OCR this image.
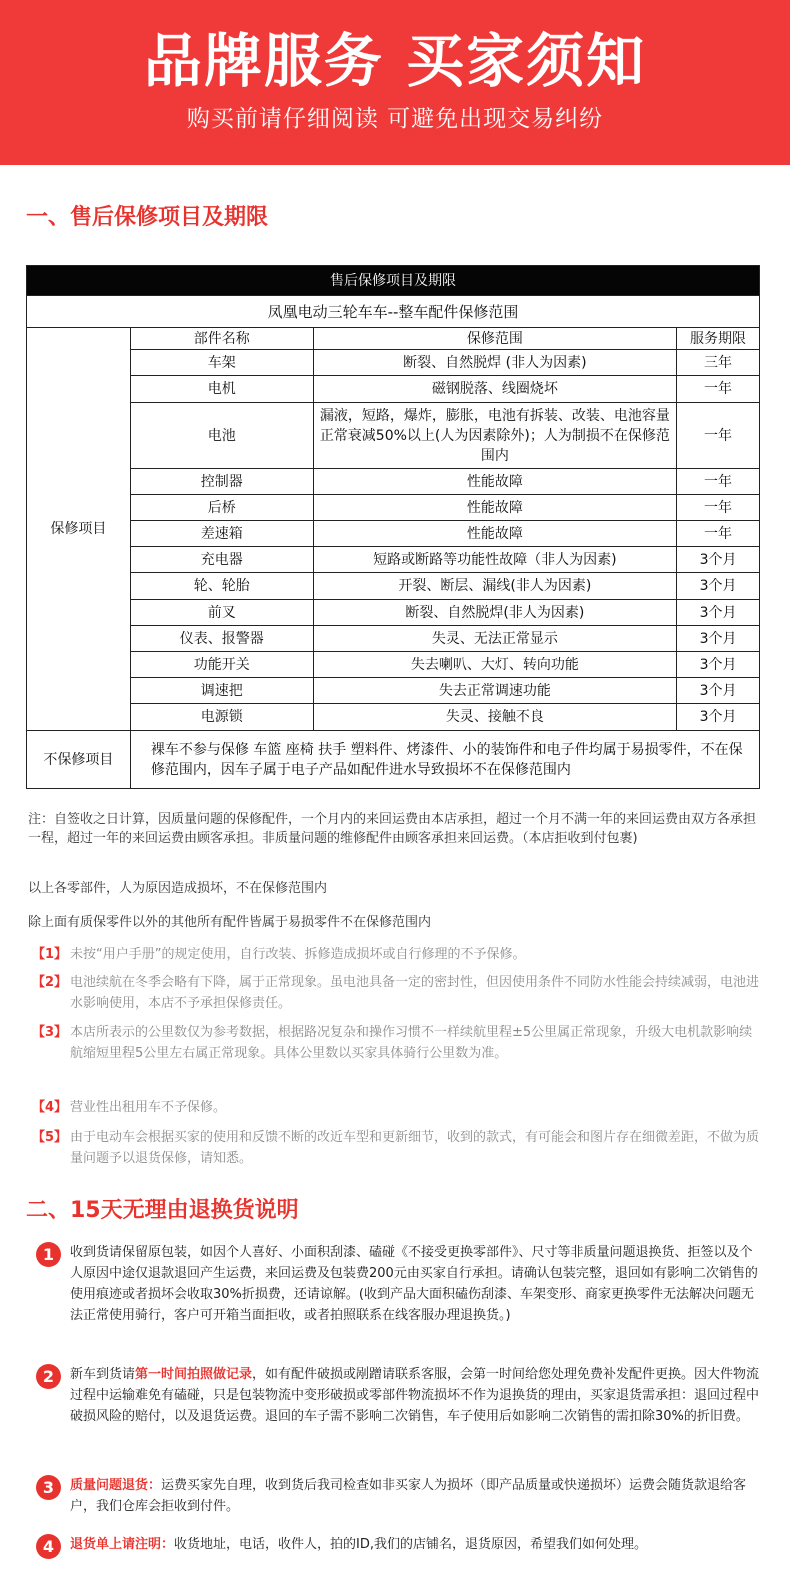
品牌服务 买家须知
购买前请仔细阅读 可避免出现交易纠纷
一、售后保修项目及期限
售后保修项目及期限			
凤凰电动三轮车车--整车配件保修范围			
保修项目	部件名称	保修范围	服务期限
	车架	断裂、自然脱焊 (非人为因素)	三年
	电机	磁钢脱落、线圈烧坏	一年
	电池	漏液，短路，爆炸，膨胀，电池有拆装、改装、电池容量正常衰减50%以上(人为因素除外)；人为制损不在保修范围内	一年
	控制器	性能故障	一年
	后桥	性能故障	一年
	差速箱	性能故障	一年
	充电器	短路或断路等功能性故障（非人为因素)	3个月
	轮、轮胎	开裂、断层、漏线(非人为因素)	3个月
	前叉	断裂、自然脱焊(非人为因素)	3个月
	仪表、报警器	失灵、无法正常显示	3个月
	功能开关	失去喇叭、大灯、转向功能	3个月
	调速把	失去正常调速功能	3个月
	电源锁	失灵、接触不良	3个月
不保修项目	裸车不参与保修 车篮 座椅 扶手 塑料件、烤漆件、小的装饰件和电子件均属于易损零件，不在保修范围内，因车子属于电子产品如配件进水导致损坏不在保修范围内		
注：自签收之日计算，因质量问题的保修配件，一个月内的来回运费由本店承担，超过一个月不满一年的来回运费由双方各承担一程，超过一年的来回运费由顾客承担。非质量问题的维修配件由顾客承担来回运费。（本店拒收到付包裹)
以上各零部件，人为原因造成损坏，不在保修范围内
除上面有质保零件以外的其他所有配件皆属于易损零件不在保修范围内
【1】 未按“用户手册”的规定使用，自行改装、拆修造成损坏或自行修理的不予保修。
【2】 电池续航在冬季会略有下降，属于正常现象。虽电池具备一定的密封性，但因使用条件不同防水性能会持续减弱，电池进水影响使用，本店不予承担保修责任。
【3】 本店所表示的公里数仅为参考数据，根据路况复杂和操作习惯不一样续航里程±5公里属正常现象，升级大电机款影响续航缩短里程5公里左右属正常现象。具体公里数以买家具体骑行公里数为准。
【4】 营业性出租用车不予保修。
【5】 由于电动车会根据买家的使用和反馈不断的改近车型和更新细节，收到的款式，有可能会和图片存在细微差距，不做为质量问题予以退货保修，请知悉。
二、15天无理由退换货说明
1	收到货请保留原包装，如因个人喜好、小面积刮漆、磕碰《不接受更换零部件》、尺寸等非质量问题退换货、拒签以及个人原因中途仅退款退回产生运费，来回运费及包装费200元由买家自行承担。请确认包装完整，退回如有影响二次销售的使用痕迹或者损坏会收取30%折损费，还请谅解。(收到产品大面积磕伤刮漆、车架变形、商家更换零件无法解决问题无法正常使用骑行，客户可开箱当面拒收，或者拍照联系在线客服办理退换货。)
2	新车到货请第一时间拍照做记录，如有配件破损或剐蹭请联系客服，会第一时间给您处理免费补发配件更换。因大件物流过程中运输难免有磕碰，只是包装物流中变形破损或零部件物流损坏不作为退换货的理由，买家退货需承担：退回过程中破损风险的赔付，以及退货运费。退回的车子需不影响二次销售，车子使用后如影响二次销售的需扣除30%的折旧费。
3	质量问题退货：运费买家先自理，收到货后我司检查如非买家人为损坏（即产品质量或快递损坏）运费会随货款退给客户，我们仓库会拒收到付件。
4	退货单上请注明：收货地址，电话，收件人，拍的ID,我们的店铺名，退货原因，希望我们如何处理。
